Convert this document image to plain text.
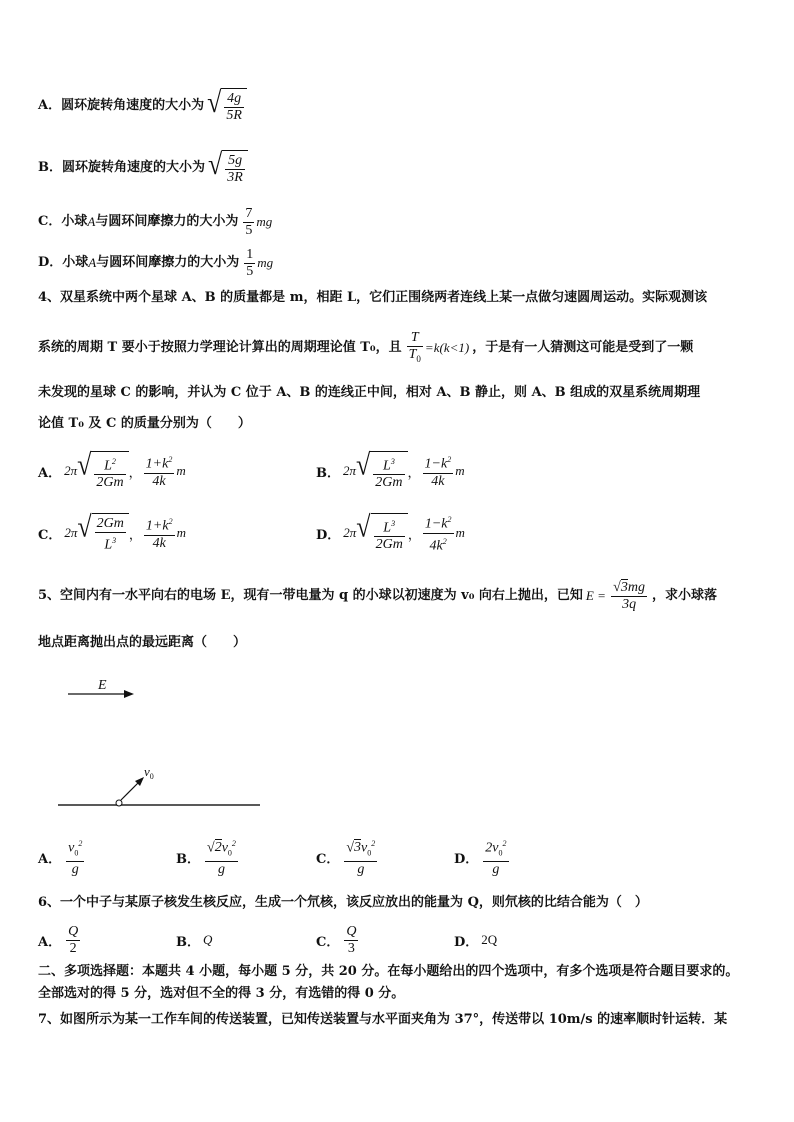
A．圆环旋转角速度的大小为 √ $\frac{4g}{5R}$
B．圆环旋转角速度的大小为 √ $\frac{5g}{3R}$
C．小球 A 与圆环间摩擦力的大小为 $\frac{7}{5}$ mg
D．小球 A 与圆环间摩擦力的大小为 $\frac{1}{5}$ mg
4、双星系统中两个星球 A、B 的质量都是 m，相距 L，它们正围绕两者连线上某一点做匀速圆周运动。实际观测该
系统的周期 T 要小于按照力学理论计算出的周期理论值 T₀，且 $\frac{T}{T_0} =k(k<1)$ ，于是有一人猜测这可能是受到了一颗
未发现的星球 C 的影响，并认为 C 位于 A、B 的连线正中间，相对 A、B 静止，则 A、B 组成的双星系统周期理
论值 T₀ 及 C 的质量分别为（　　）
A． 2 π √ $\frac{L^2}{2Gm}$ ， $\frac{1+k^2}{4k}$ m	B． 2 π √ $\frac{L^3}{2Gm}$ ， $\frac{1-k^2}{4k}$ m
C． 2 π √ $\frac{2Gm}{L^3}$ ， $\frac{1+k^2}{4k}$ m	D． 2 π √ $\frac{L^3}{2Gm}$ ， $\frac{1-k^2}{4k^2}$ m
5、空间内有一水平向右的电场 E，现有一带电量为 q 的小球以初速度为 v₀ 向右上抛出，已知 $E = \frac{√3mg}{3q}$ ，求小球落
地点距离抛出点的最远距离（　　）
E
$v_0$
A． $\frac{v_0^2}{g}$	B． $\frac{√2v_0^2}{g}$	C． $\frac{√3v_0^2}{g}$	D． $\frac{2v_0^2}{g}$
6、一个中子与某原子核发生核反应，生成一个氘核，该反应放出的能量为 Q，则氘核的比结合能为（　）
A． $\frac{Q}{2}$	B． Q	C． $\frac{Q}{3}$	D． 2Q
二、多项选择题：本题共 4 小题，每小题 5 分，共 20 分。在每小题给出的四个选项中，有多个选项是符合题目要求的。
全部选对的得 5 分，选对但不全的得 3 分，有选错的得 0 分。
7、如图所示为某一工作车间的传送装置，已知传送装置与水平面夹角为 37°，传送带以 10m/s 的速率顺时针运转．某
